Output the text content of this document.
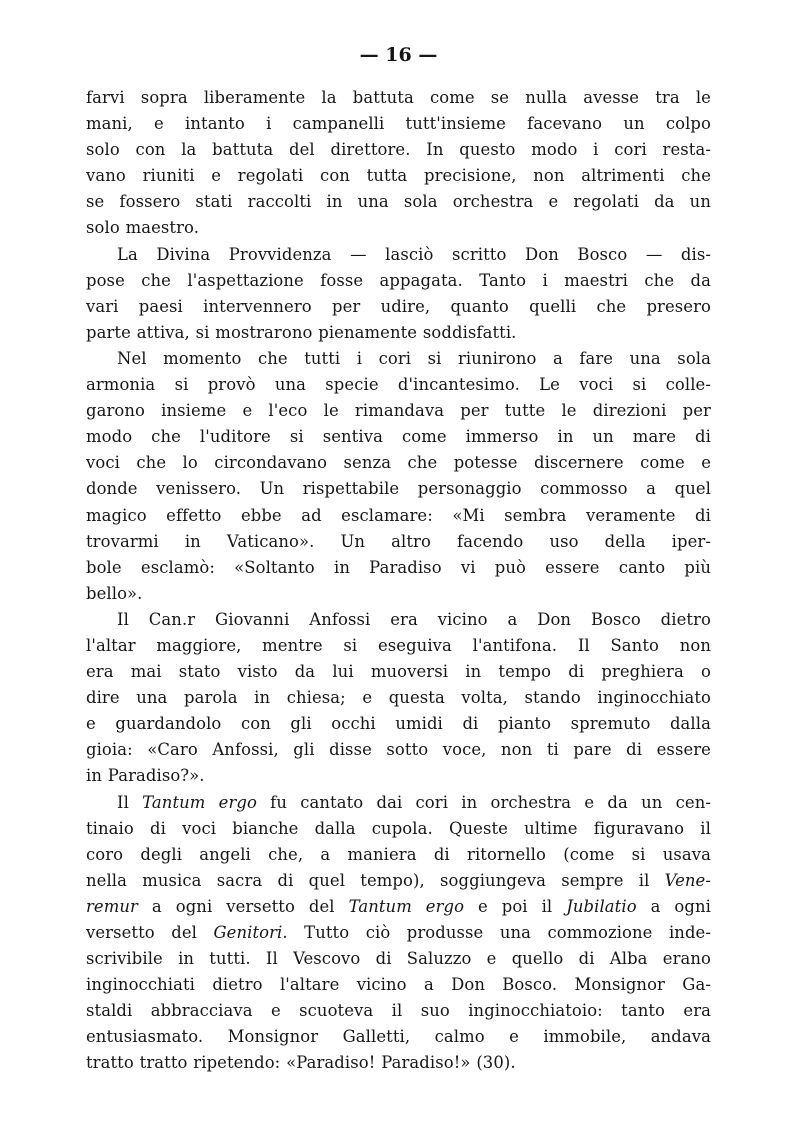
— 16 —

farvi sopra liberamente la battuta come se nulla avesse tra le
mani, e intanto i campanelli tutt'insieme facevano un colpo
solo con la battuta del direttore. In questo modo i cori resta-
vano riuniti e regolati con tutta precisione, non altrimenti che
se fossero stati raccolti in una sola orchestra e regolati da un
solo maestro.

La Divina Provvidenza — lasciò scritto Don Bosco — dis-
pose che l'aspettazione fosse appagata. Tanto i maestri che da
vari paesi intervennero per udire, quanto quelli che presero
parte attiva, si mostrarono pienamente soddisfatti.

Nel momento che tutti i cori si riunirono a fare una sola
armonia si provò una specie d'incantesimo. Le voci si colle-
garono insieme e l'eco le rimandava per tutte le direzioni per
modo che l'uditore si sentiva come immerso in un mare di
voci che lo circondavano senza che potesse discernere come e
donde venissero. Un rispettabile personaggio commosso a quel
magico effetto ebbe ad esclamare: «Mi sembra veramente di
trovarmi in Vaticano». Un altro facendo uso della iper-
bole esclamò: «Soltanto in Paradiso vi può essere canto più
bello».

Il Can.r Giovanni Anfossi era vicino a Don Bosco dietro
l'altar maggiore, mentre si eseguiva l'antifona. Il Santo non
era mai stato visto da lui muoversi in tempo di preghiera o
dire una parola in chiesa; e questa volta, stando inginocchiato
e guardandolo con gli occhi umidi di pianto spremuto dalla
gioia: «Caro Anfossi, gli disse sotto voce, non ti pare di essere
in Paradiso?».

Il Tantum ergo fu cantato dai cori in orchestra e da un cen-
tinaio di voci bianche dalla cupola. Queste ultime figuravano il
coro degli angeli che, a maniera di ritornello (come si usava
nella musica sacra di quel tempo), soggiungeva sempre il Vene-
remur a ogni versetto del Tantum ergo e poi il Jubilatio a ogni
versetto del Genitori. Tutto ciò produsse una commozione inde-
scrivibile in tutti. Il Vescovo di Saluzzo e quello di Alba erano
inginocchiati dietro l'altare vicino a Don Bosco. Monsignor Ga-
staldi abbracciava e scuoteva il suo inginocchiatoio: tanto era
entusiasmato. Monsignor Galletti, calmo e immobile, andava
tratto tratto ripetendo: «Paradiso! Paradiso!» (30).
